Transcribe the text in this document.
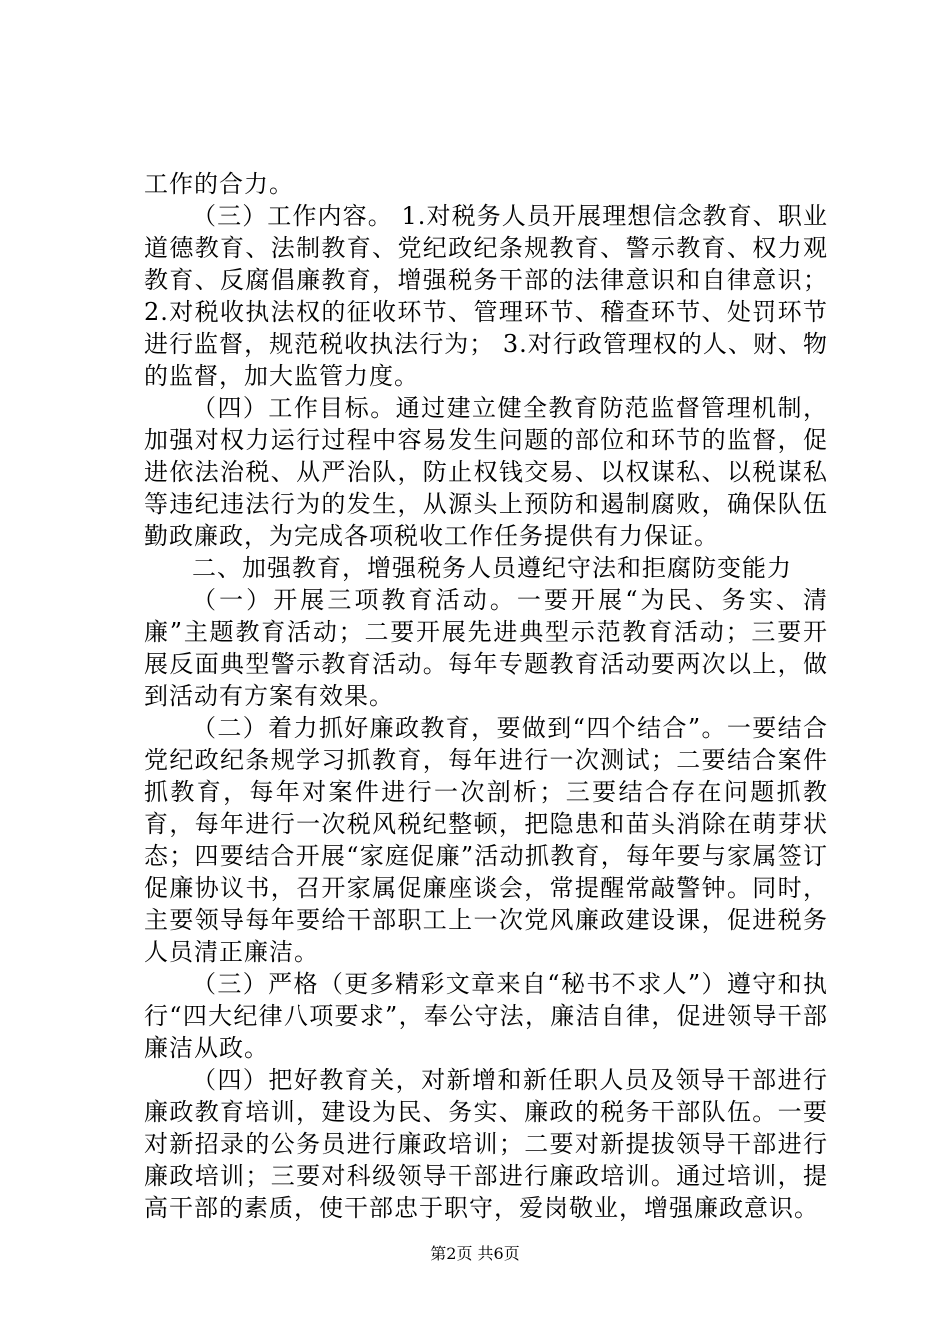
工作的合力。

（三）工作内容。 1.对税务人员开展理想信念教育、职业道德教育、法制教育、党纪政纪条规教育、警示教育、权力观教育、反腐倡廉教育，增强税务干部的法律意识和自律意识； 2.对税收执法权的征收环节、管理环节、稽查环节、处罚环节进行监督，规范税收执法行为； 3.对行政管理权的人、财、物的监督，加大监管力度。

（四）工作目标。通过建立健全教育防范监督管理机制，加强对权力运行过程中容易发生问题的部位和环节的监督，促进依法治税、从严治队，防止权钱交易、以权谋私、以税谋私等违纪违法行为的发生，从源头上预防和遏制腐败，确保队伍勤政廉政，为完成各项税收工作任务提供有力保证。

二、加强教育，增强税务人员遵纪守法和拒腐防变能力

（一）开展三项教育活动。一要开展“为民、务实、清廉”主题教育活动；二要开展先进典型示范教育活动；三要开展反面典型警示教育活动。每年专题教育活动要两次以上，做到活动有方案有效果。

（二）着力抓好廉政教育，要做到“四个结合”。一要结合党纪政纪条规学习抓教育，每年进行一次测试；二要结合案件抓教育，每年对案件进行一次剖析；三要结合存在问题抓教育，每年进行一次税风税纪整顿，把隐患和苗头消除在萌芽状态；四要结合开展“家庭促廉”活动抓教育，每年要与家属签订促廉协议书，召开家属促廉座谈会，常提醒常敲警钟。同时，主要领导每年要给干部职工上一次党风廉政建设课，促进税务人员清正廉洁。

（三）严格（更多精彩文章来自“秘书不求人”）遵守和执行“四大纪律八项要求”，奉公守法，廉洁自律，促进领导干部廉洁从政。

（四）把好教育关，对新增和新任职人员及领导干部进行廉政教育培训，建设为民、务实、廉政的税务干部队伍。一要对新招录的公务员进行廉政培训；二要对新提拔领导干部进行廉政培训；三要对科级领导干部进行廉政培训。通过培训，提高干部的素质，使干部忠于职守，爱岗敬业，增强廉政意识。

第2页 共6页
